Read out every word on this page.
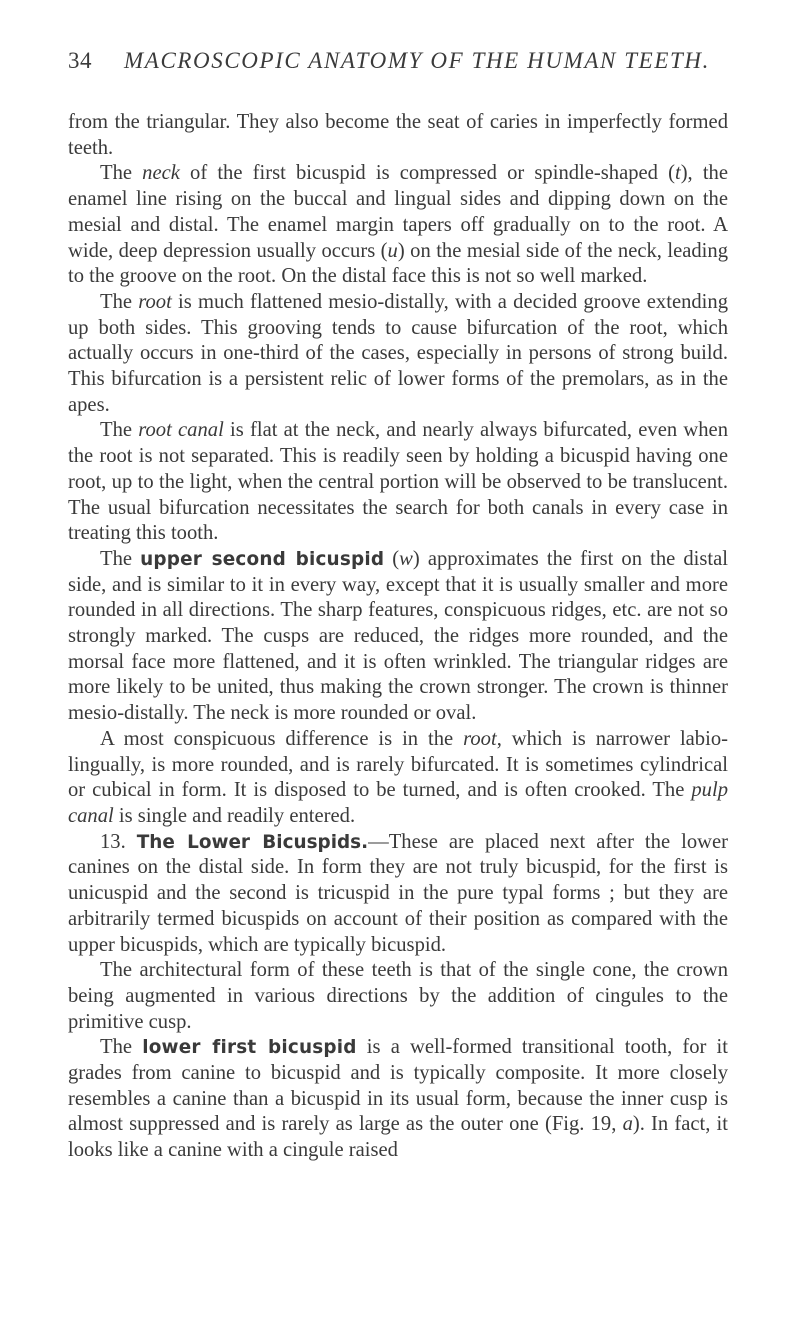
34	MACROSCOPIC ANATOMY OF THE HUMAN TEETH.

from the triangular. They also become the seat of caries in imperfectly formed teeth.

The neck of the first bicuspid is compressed or spindle-shaped (t), the enamel line rising on the buccal and lingual sides and dipping down on the mesial and distal. The enamel margin tapers off gradually on to the root. A wide, deep depression usually occurs (u) on the mesial side of the neck, leading to the groove on the root. On the distal face this is not so well marked.

The root is much flattened mesio-distally, with a decided groove extending up both sides. This grooving tends to cause bifurcation of the root, which actually occurs in one-third of the cases, especially in persons of strong build. This bifurcation is a persistent relic of lower forms of the premolars, as in the apes.

The root canal is flat at the neck, and nearly always bifurcated, even when the root is not separated. This is readily seen by holding a bicuspid having one root, up to the light, when the central portion will be observed to be translucent. The usual bifurcation necessitates the search for both canals in every case in treating this tooth.

The upper second bicuspid (w) approximates the first on the distal side, and is similar to it in every way, except that it is usually smaller and more rounded in all directions. The sharp features, conspicuous ridges, etc. are not so strongly marked. The cusps are reduced, the ridges more rounded, and the morsal face more flattened, and it is often wrinkled. The triangular ridges are more likely to be united, thus making the crown stronger. The crown is thinner mesio-distally. The neck is more rounded or oval.

A most conspicuous difference is in the root, which is narrower labio-lingually, is more rounded, and is rarely bifurcated. It is sometimes cylindrical or cubical in form. It is disposed to be turned, and is often crooked. The pulp canal is single and readily entered.

13. The Lower Bicuspids.—These are placed next after the lower canines on the distal side. In form they are not truly bicuspid, for the first is unicuspid and the second is tricuspid in the pure typal forms ; but they are arbitrarily termed bicuspids on account of their position as compared with the upper bicuspids, which are typically bicuspid.

The architectural form of these teeth is that of the single cone, the crown being augmented in various directions by the addition of cingules to the primitive cusp.

The lower first bicuspid is a well-formed transitional tooth, for it grades from canine to bicuspid and is typically composite. It more closely resembles a canine than a bicuspid in its usual form, because the inner cusp is almost suppressed and is rarely as large as the outer one (Fig. 19, a). In fact, it looks like a canine with a cingule raised
